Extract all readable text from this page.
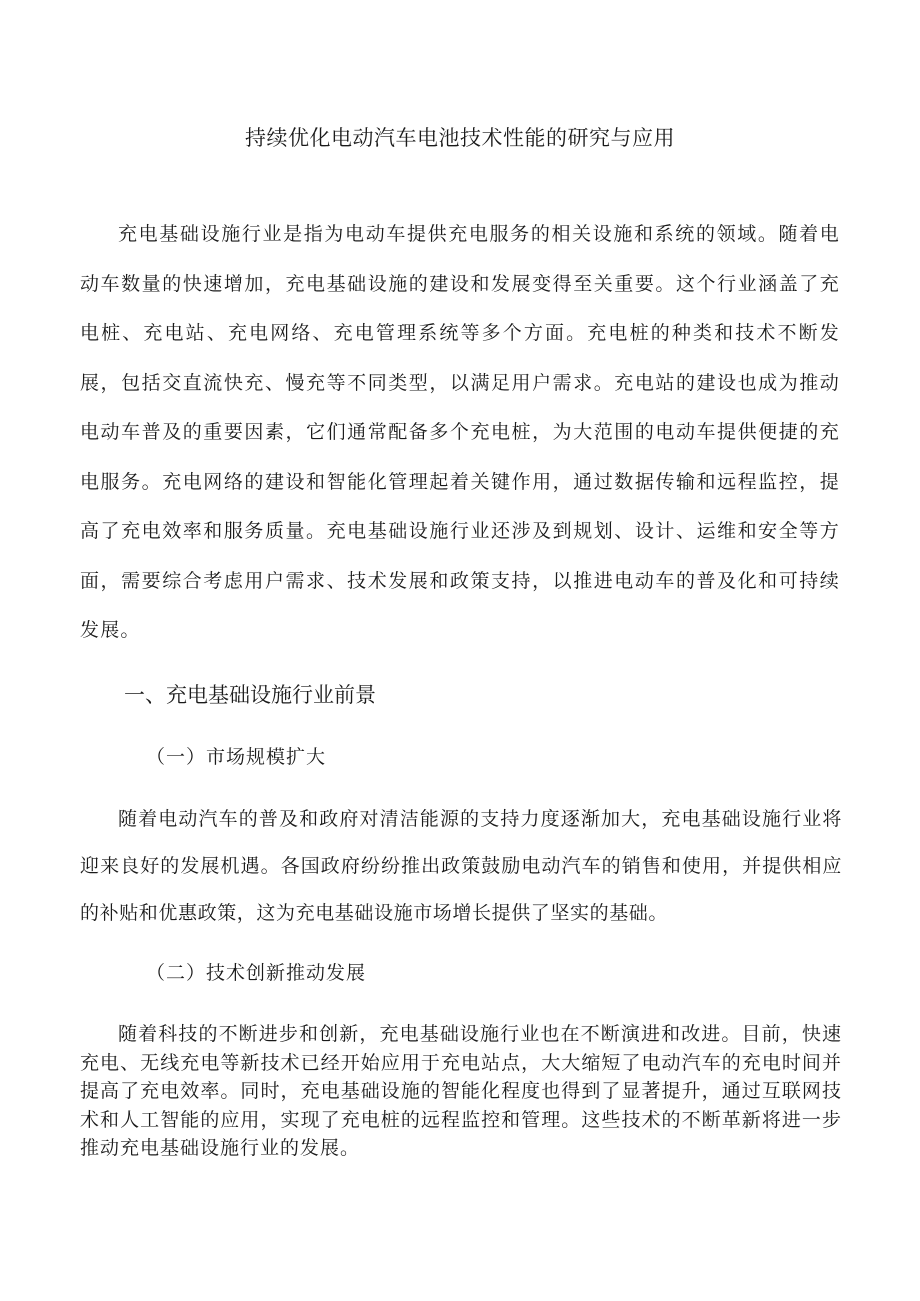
持续优化电动汽车电池技术性能的研究与应用

充电基础设施行业是指为电动车提供充电服务的相关设施和系统的领域。随着电动车数量的快速增加，充电基础设施的建设和发展变得至关重要。这个行业涵盖了充电桩、充电站、充电网络、充电管理系统等多个方面。充电桩的种类和技术不断发展，包括交直流快充、慢充等不同类型，以满足用户需求。充电站的建设也成为推动电动车普及的重要因素，它们通常配备多个充电桩，为大范围的电动车提供便捷的充电服务。充电网络的建设和智能化管理起着关键作用，通过数据传输和远程监控，提高了充电效率和服务质量。充电基础设施行业还涉及到规划、设计、运维和安全等方面，需要综合考虑用户需求、技术发展和政策支持，以推进电动车的普及化和可持续发展。

一、充电基础设施行业前景
（一）市场规模扩大

随着电动汽车的普及和政府对清洁能源的支持力度逐渐加大，充电基础设施行业将迎来良好的发展机遇。各国政府纷纷推出政策鼓励电动汽车的销售和使用，并提供相应的补贴和优惠政策，这为充电基础设施市场增长提供了坚实的基础。

（二）技术创新推动发展

随着科技的不断进步和创新，充电基础设施行业也在不断演进和改进。目前，快速充电、无线充电等新技术已经开始应用于充电站点，大大缩短了电动汽车的充电时间并提高了充电效率。同时，充电基础设施的智能化程度也得到了显著提升，通过互联网技术和人工智能的应用，实现了充电桩的远程监控和管理。这些技术的不断革新将进一步推动充电基础设施行业的发展。
